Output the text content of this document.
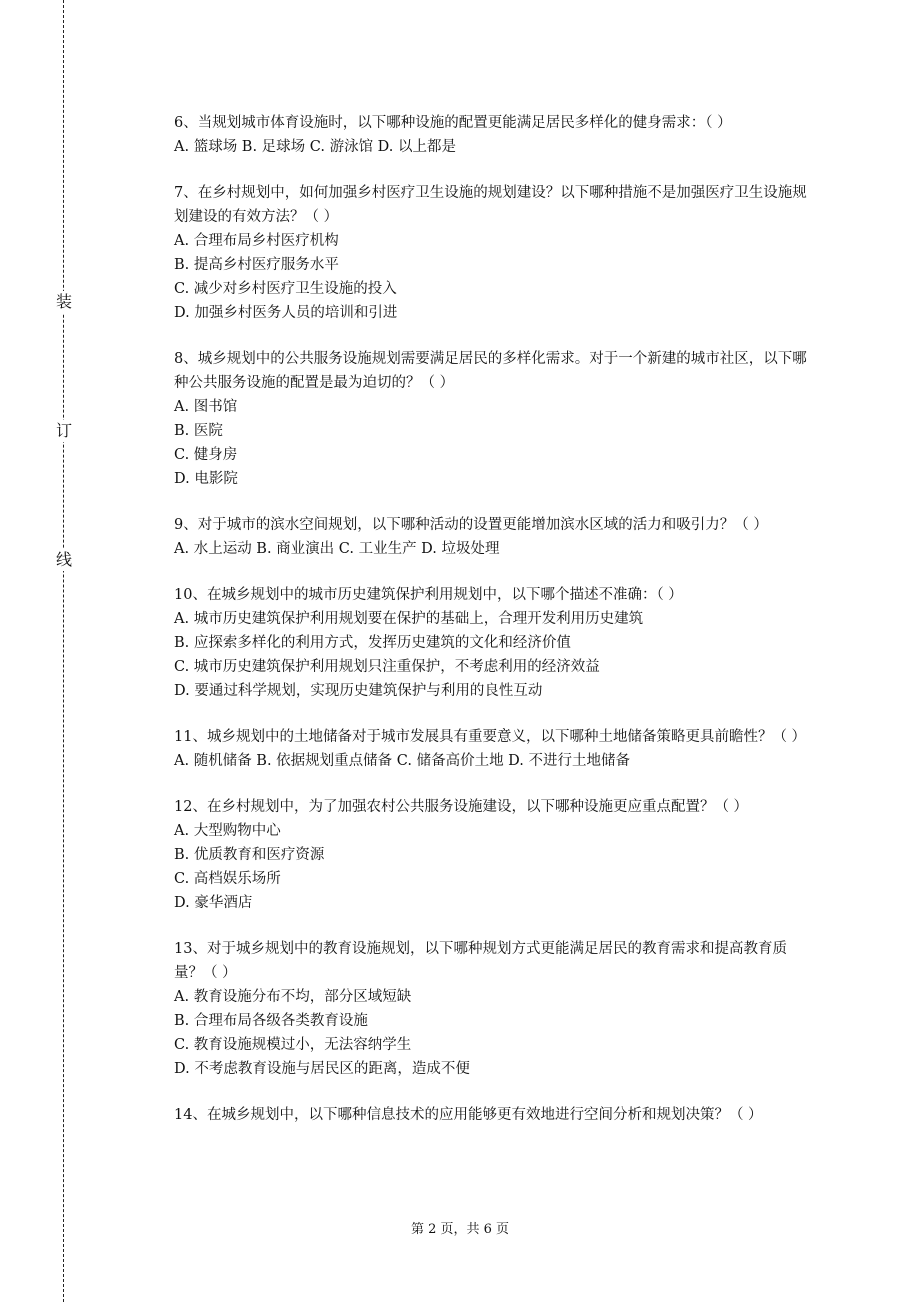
装
订
线
6、当规划城市体育设施时，以下哪种设施的配置更能满足居民多样化的健身需求：（ ）
A. 篮球场 B. 足球场 C. 游泳馆 D. 以上都是
7、在乡村规划中，如何加强乡村医疗卫生设施的规划建设？以下哪种措施不是加强医疗卫生设施规划建设的有效方法？（ ）
A. 合理布局乡村医疗机构
B. 提高乡村医疗服务水平
C. 减少对乡村医疗卫生设施的投入
D. 加强乡村医务人员的培训和引进
8、城乡规划中的公共服务设施规划需要满足居民的多样化需求。对于一个新建的城市社区，以下哪种公共服务设施的配置是最为迫切的？（ ）
A. 图书馆
B. 医院
C. 健身房
D. 电影院
9、对于城市的滨水空间规划，以下哪种活动的设置更能增加滨水区域的活力和吸引力？（ ）
A. 水上运动 B. 商业演出 C. 工业生产 D. 垃圾处理
10、在城乡规划中的城市历史建筑保护利用规划中，以下哪个描述不准确：（ ）
A. 城市历史建筑保护利用规划要在保护的基础上，合理开发利用历史建筑
B. 应探索多样化的利用方式，发挥历史建筑的文化和经济价值
C. 城市历史建筑保护利用规划只注重保护，不考虑利用的经济效益
D. 要通过科学规划，实现历史建筑保护与利用的良性互动
11、城乡规划中的土地储备对于城市发展具有重要意义，以下哪种土地储备策略更具前瞻性？（ ）
A. 随机储备 B. 依据规划重点储备 C. 储备高价土地 D. 不进行土地储备
12、在乡村规划中，为了加强农村公共服务设施建设，以下哪种设施更应重点配置？（ ）
A. 大型购物中心
B. 优质教育和医疗资源
C. 高档娱乐场所
D. 豪华酒店
13、对于城乡规划中的教育设施规划，以下哪种规划方式更能满足居民的教育需求和提高教育质量？（ ）
A. 教育设施分布不均，部分区域短缺
B. 合理布局各级各类教育设施
C. 教育设施规模过小，无法容纳学生
D. 不考虑教育设施与居民区的距离，造成不便
14、在城乡规划中，以下哪种信息技术的应用能够更有效地进行空间分析和规划决策？（ ）
第 2 页，共 6 页
